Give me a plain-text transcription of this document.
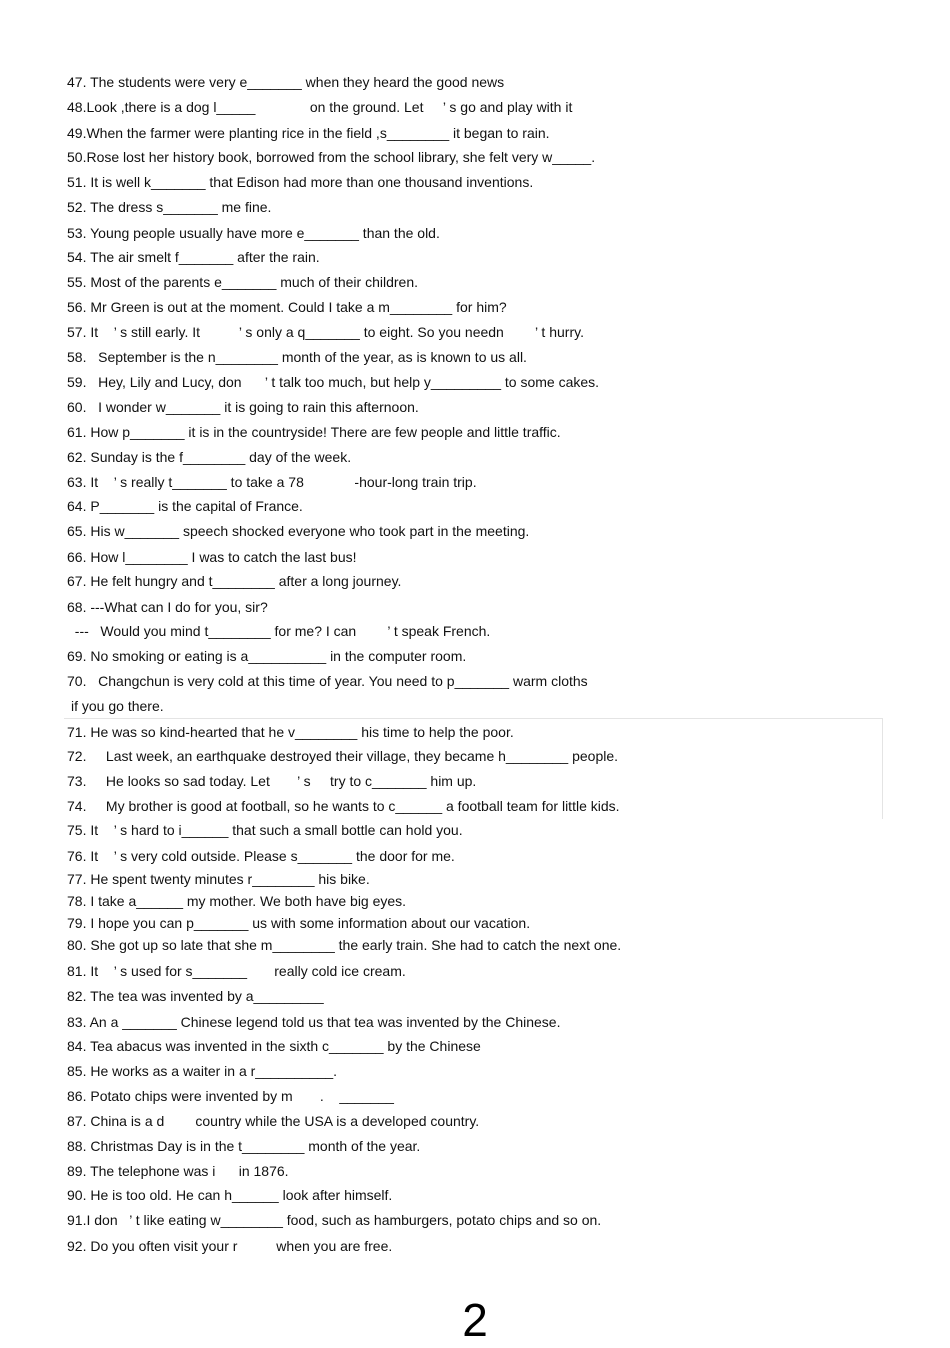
47. The students were very e_______ when they heard the good news
48.Look ,there is a dog l_____              on the ground. Let     ’ s go and play with it
49.When the farmer were planting rice in the field ,s________ it began to rain.
50.Rose lost her history book, borrowed from the school library, she felt very w_____.
51. It is well k_______ that Edison had more than one thousand inventions.
52. The dress s_______ me fine.
53. Young people usually have more e_______ than the old.
54. The air smelt f_______ after the rain.
55. Most of the parents e_______ much of their children.
56. Mr Green is out at the moment. Could I take a m________ for him?
57. It    ’ s still early. It          ’ s only a q_______ to eight. So you needn        ’ t hurry.
58.   September is the n________ month of the year, as is known to us all.
59.   Hey, Lily and Lucy, don      ’ t talk too much, but help y_________ to some cakes.
60.   I wonder w_______ it is going to rain this afternoon.
61. How p_______ it is in the countryside! There are few people and little traffic.
62. Sunday is the f________ day of the week.
63. It    ’ s really t_______ to take a 78             -hour-long train trip.
64. P_______ is the capital of France.
65. His w_______ speech shocked everyone who took part in the meeting.
66. How l________ I was to catch the last bus!
67. He felt hungry and t________ after a long journey.
68. ---What can I do for you, sir?
---   Would you mind t________ for me? I can        ’ t speak French.
69. No smoking or eating is a__________ in the computer room.
70.   Changchun is very cold at this time of year. You need to p_______ warm cloths
if you go there.
71. He was so kind-hearted that he v________ his time to help the poor.
72.     Last week, an earthquake destroyed their village, they became h________ people.
73.     He looks so sad today. Let       ’ s     try to c_______ him up.
74.     My brother is good at football, so he wants to c______ a football team for little kids.
75. It    ’ s hard to i______ that such a small bottle can hold you.
76. It    ’ s very cold outside. Please s_______ the door for me.
77. He spent twenty minutes r________ his bike.
78. I take a______ my mother. We both have big eyes.
79. I hope you can p_______ us with some information about our vacation.
80. She got up so late that she m________ the early train. She had to catch the next one.
81. It    ’ s used for s_______       really cold ice cream.
82. The tea was invented by a_________
83. An a _______ Chinese legend told us that tea was invented by the Chinese.
84. Tea abacus was invented in the sixth c_______ by the Chinese
85. He works as a waiter in a r__________.
86. Potato chips were invented by m       .    _______
87. China is a d        country while the USA is a developed country.
88. Christmas Day is in the t________ month of the year.
89. The telephone was i      in 1876.
90. He is too old. He can h______ look after himself.
91.I don   ’ t like eating w________ food, such as hamburgers, potato chips and so on.
92. Do you often visit your r          when you are free.
2
